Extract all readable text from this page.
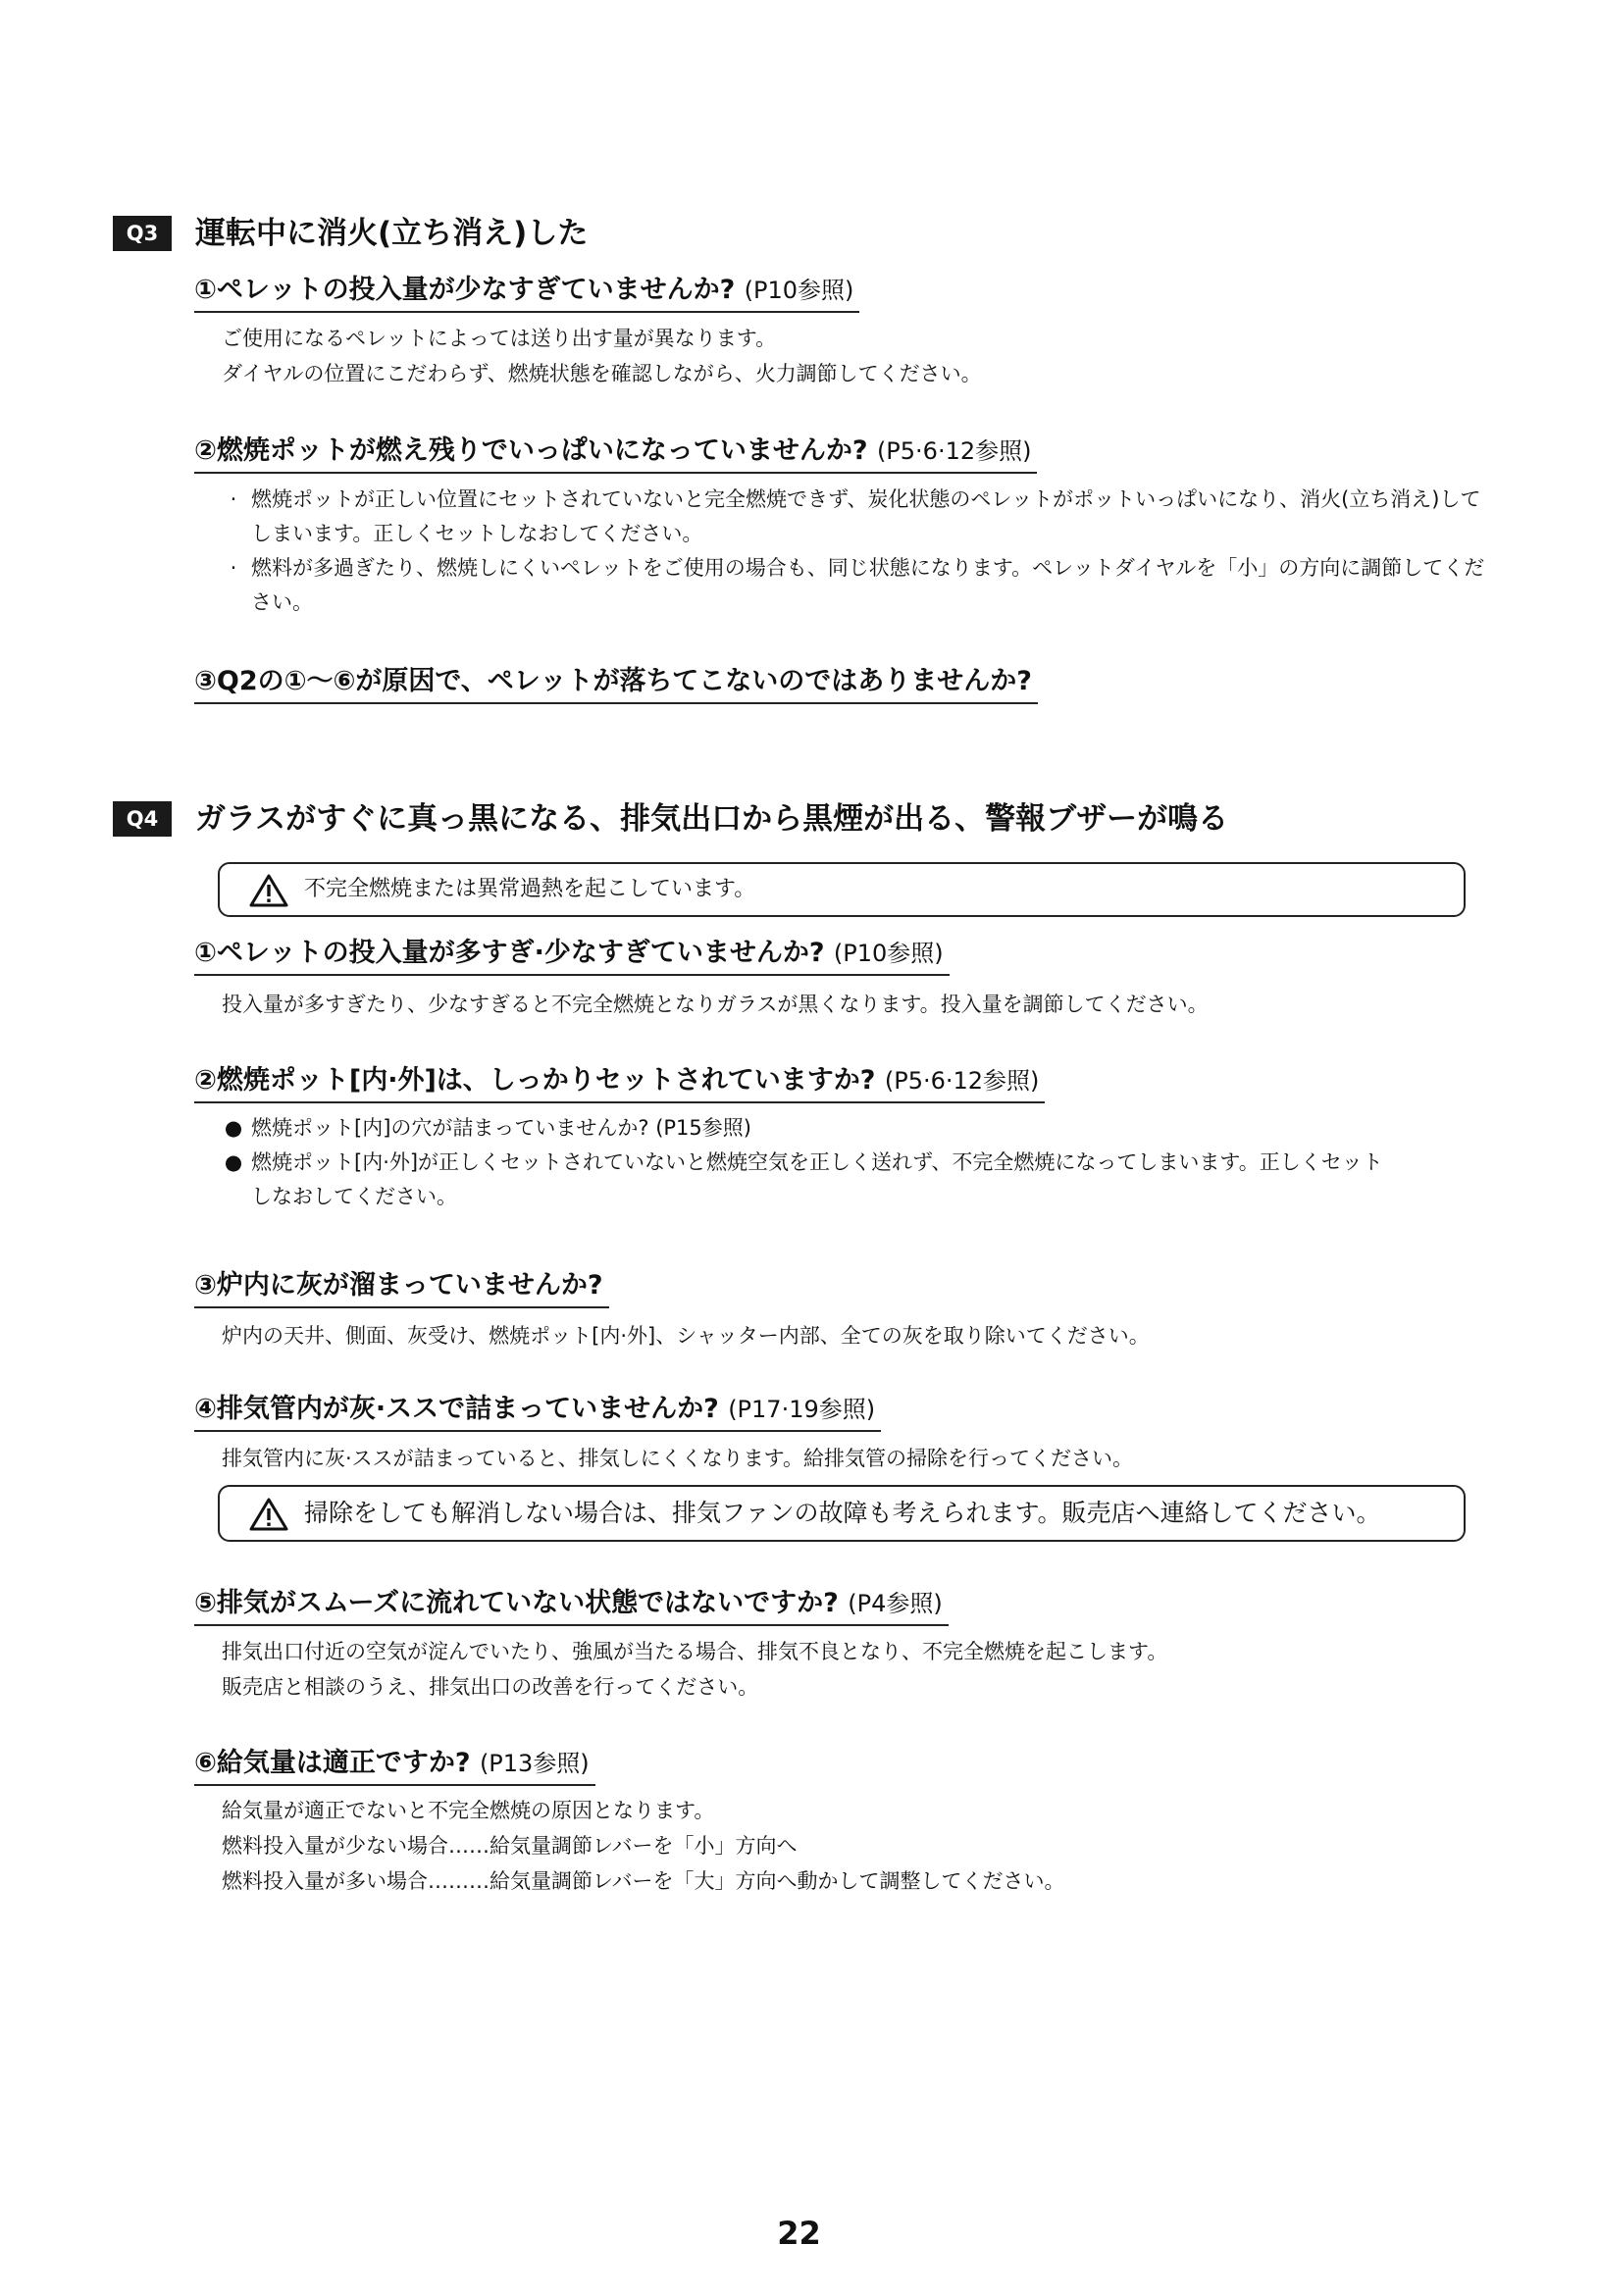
Q3	運転中に消火(立ち消え)した
①ペレットの投入量が少なすぎていませんか? (P10参照)
ご使用になるペレットによっては送り出す量が異なります。
ダイヤルの位置にこだわらず、燃焼状態を確認しながら、火力調節してください。
②燃焼ポットが燃え残りでいっぱいになっていませんか? (P5·6·12参照)
· 燃焼ポットが正しい位置にセットされていないと完全燃焼できず、炭化状態のペレットがポットいっぱいになり、消火(立ち消え)してしまいます。正しくセットしなおしてください。
· 燃料が多過ぎたり、燃焼しにくいペレットをご使用の場合も、同じ状態になります。ペレットダイヤルを「小」の方向に調節してください。
③Q2の①〜⑥が原因で、ペレットが落ちてこないのではありませんか?
Q4	ガラスがすぐに真っ黒になる、排気出口から黒煙が出る、警報ブザーが鳴る
不完全燃焼または異常過熱を起こしています。
①ペレットの投入量が多すぎ·少なすぎていませんか? (P10参照)
投入量が多すぎたり、少なすぎると不完全燃焼となりガラスが黒くなります。投入量を調節してください。
②燃焼ポット[内·外]は、しっかりセットされていますか? (P5·6·12参照)
● 燃焼ポット[内]の穴が詰まっていませんか? (P15参照)
● 燃焼ポット[内·外]が正しくセットされていないと燃焼空気を正しく送れず、不完全燃焼になってしまいます。正しくセットしなおしてください。
③炉内に灰が溜まっていませんか?
炉内の天井、側面、灰受け、燃焼ポット[内·外]、シャッター内部、全ての灰を取り除いてください。
④排気管内が灰·ススで詰まっていませんか? (P17·19参照)
排気管内に灰·ススが詰まっていると、排気しにくくなります。給排気管の掃除を行ってください。
掃除をしても解消しない場合は、排気ファンの故障も考えられます。販売店へ連絡してください。
⑤排気がスムーズに流れていない状態ではないですか? (P4参照)
排気出口付近の空気が淀んでいたり、強風が当たる場合、排気不良となり、不完全燃焼を起こします。
販売店と相談のうえ、排気出口の改善を行ってください。
⑥給気量は適正ですか? (P13参照)
給気量が適正でないと不完全燃焼の原因となります。
燃料投入量が少ない場合……給気量調節レバーを「小」方向へ
燃料投入量が多い場合………給気量調節レバーを「大」方向へ動かして調整してください。
22
